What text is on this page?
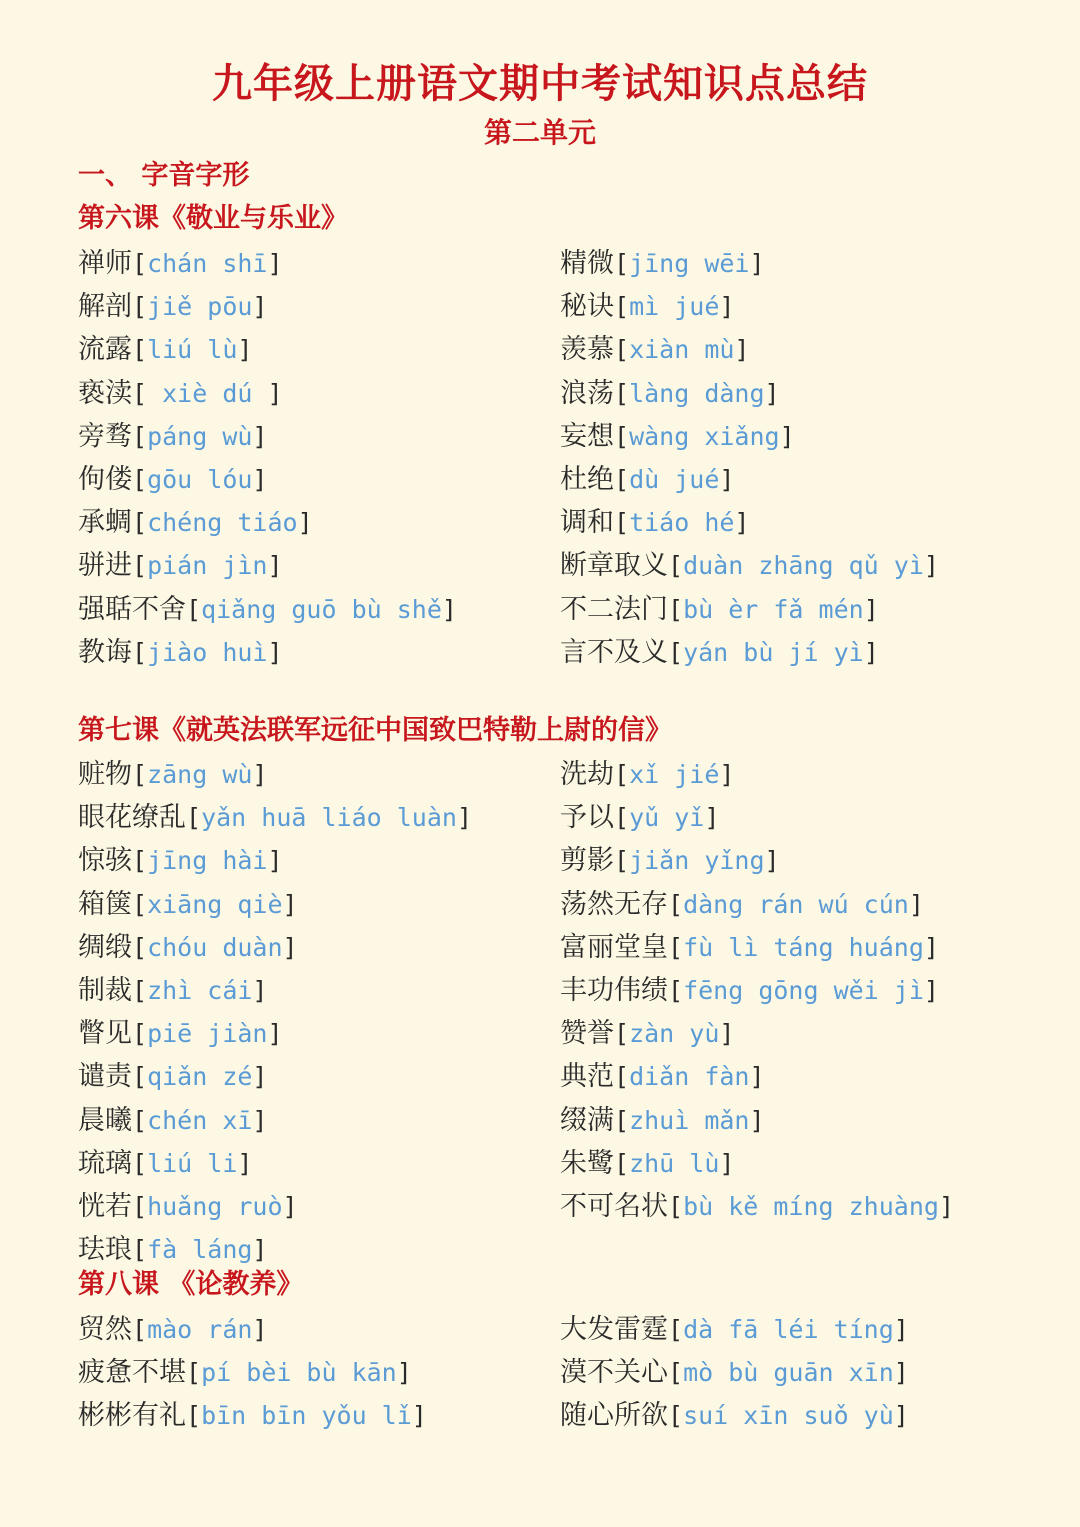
九年级上册语文期中考试知识点总结
第二单元
一、 字音字形
第六课《敬业与乐业》
禅师[chán shī]	精微[jīng wēi]
解剖[jiě pōu]	秘诀[mì jué]
流露[liú lù]	羡慕[xiàn mù]
亵渎[ xiè dú ]	浪荡[làng dàng]
旁骛[páng wù]	妄想[wàng xiǎng]
佝偻[gōu lóu]	杜绝[dù jué]
承蜩[chéng tiáo]	调和[tiáo hé]
骈进[pián jìn]	断章取义[duàn zhāng qǔ yì]
强聒不舍[qiǎng guō bù shě]	不二法门[bù èr fǎ mén]
教诲[jiào huì]	言不及义[yán bù jí yì]
第七课《就英法联军远征中国致巴特勒上尉的信》
赃物[zāng wù]	洗劫[xǐ jié]
眼花缭乱[yǎn huā liáo luàn]	予以[yǔ yǐ]
惊骇[jīng hài]	剪影[jiǎn yǐng]
箱箧[xiāng qiè]	荡然无存[dàng rán wú cún]
绸缎[chóu duàn]	富丽堂皇[fù lì táng huáng]
制裁[zhì cái]	丰功伟绩[fēng gōng wěi jì]
瞥见[piē jiàn]	赞誉[zàn yù]
谴责[qiǎn zé]	典范[diǎn fàn]
晨曦[chén xī]	缀满[zhuì mǎn]
琉璃[liú li]	朱鹭[zhū lù]
恍若[huǎng ruò]	不可名状[bù kě míng zhuàng]
珐琅[fà láng]
第八课 《论教养》
贸然[mào rán]	大发雷霆[dà fā léi tíng]
疲惫不堪[pí bèi bù kān]	漠不关心[mò bù guān xīn]
彬彬有礼[bīn bīn yǒu lǐ]	随心所欲[suí xīn suǒ yù]
